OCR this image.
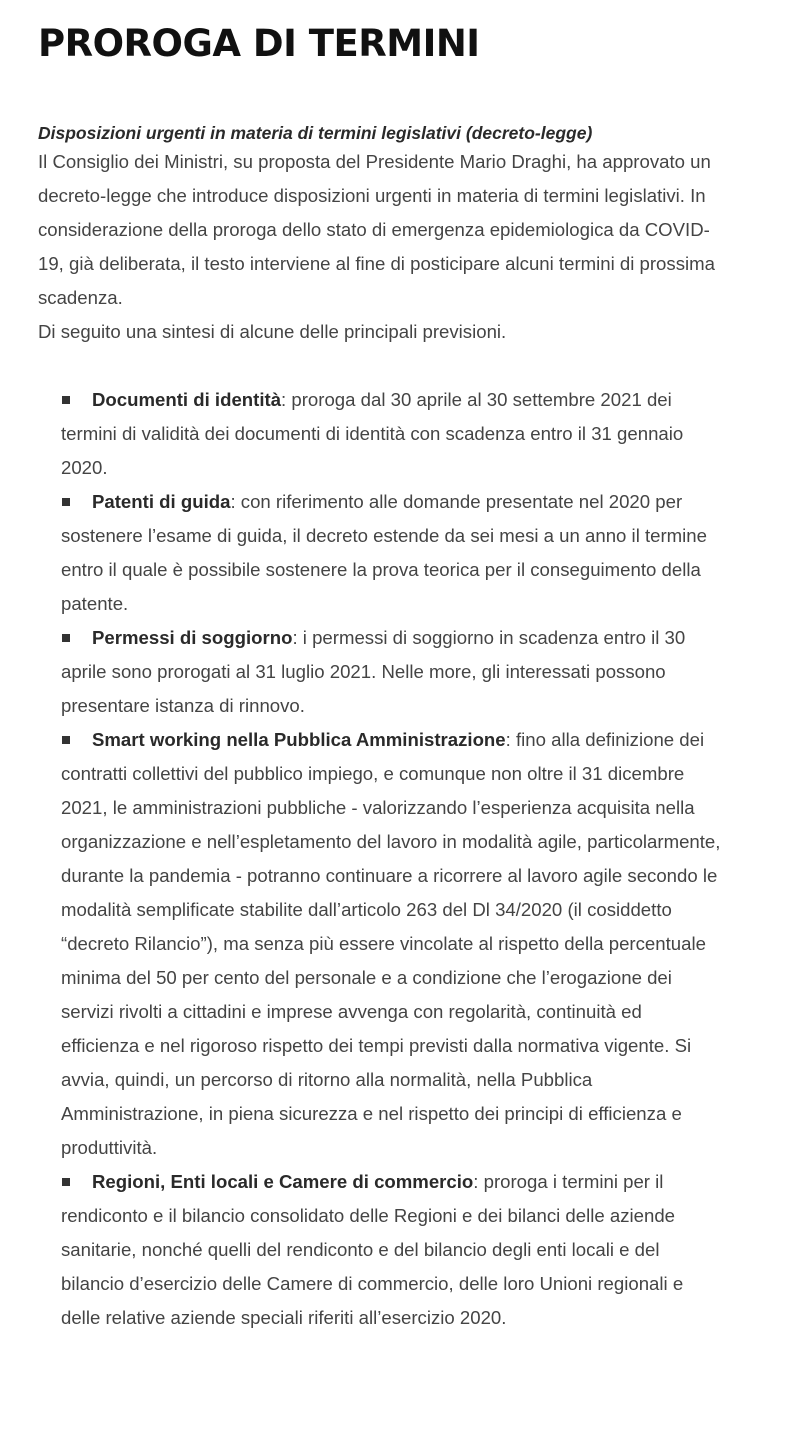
PROROGA DI TERMINI
Disposizioni urgenti in materia di termini legislativi (decreto-legge)

Il Consiglio dei Ministri, su proposta del Presidente Mario Draghi, ha approvato un decreto-legge che introduce disposizioni urgenti in materia di termini legislativi. In considerazione della proroga dello stato di emergenza epidemiologica da COVID-19, già deliberata, il testo interviene al fine di posticipare alcuni termini di prossima scadenza.

Di seguito una sintesi di alcune delle principali previsioni.

Documenti di identità: proroga dal 30 aprile al 30 settembre 2021 dei termini di validità dei documenti di identità con scadenza entro il 31 gennaio 2020.
Patenti di guida: con riferimento alle domande presentate nel 2020 per sostenere l’esame di guida, il decreto estende da sei mesi a un anno il termine entro il quale è possibile sostenere la prova teorica per il conseguimento della patente.
Permessi di soggiorno: i permessi di soggiorno in scadenza entro il 30 aprile sono prorogati al 31 luglio 2021. Nelle more, gli interessati possono presentare istanza di rinnovo.
Smart working nella Pubblica Amministrazione: fino alla definizione dei contratti collettivi del pubblico impiego, e comunque non oltre il 31 dicembre 2021, le amministrazioni pubbliche - valorizzando l’esperienza acquisita nella organizzazione e nell’espletamento del lavoro in modalità agile, particolarmente, durante la pandemia - potranno continuare a ricorrere al lavoro agile secondo le modalità semplificate stabilite dall’articolo 263 del Dl 34/2020 (il cosiddetto “decreto Rilancio”), ma senza più essere vincolate al rispetto della percentuale minima del 50 per cento del personale e a condizione che l’erogazione dei servizi rivolti a cittadini e imprese avvenga con regolarità, continuità ed efficienza e nel rigoroso rispetto dei tempi previsti dalla normativa vigente. Si avvia, quindi, un percorso di ritorno alla normalità, nella Pubblica Amministrazione, in piena sicurezza e nel rispetto dei principi di efficienza e produttività.
Regioni, Enti locali e Camere di commercio: proroga i termini per il rendiconto e il bilancio consolidato delle Regioni e dei bilanci delle aziende sanitarie, nonché quelli del rendiconto e del bilancio degli enti locali e del bilancio d’esercizio delle Camere di commercio, delle loro Unioni regionali e delle relative aziende speciali riferiti all’esercizio 2020.
